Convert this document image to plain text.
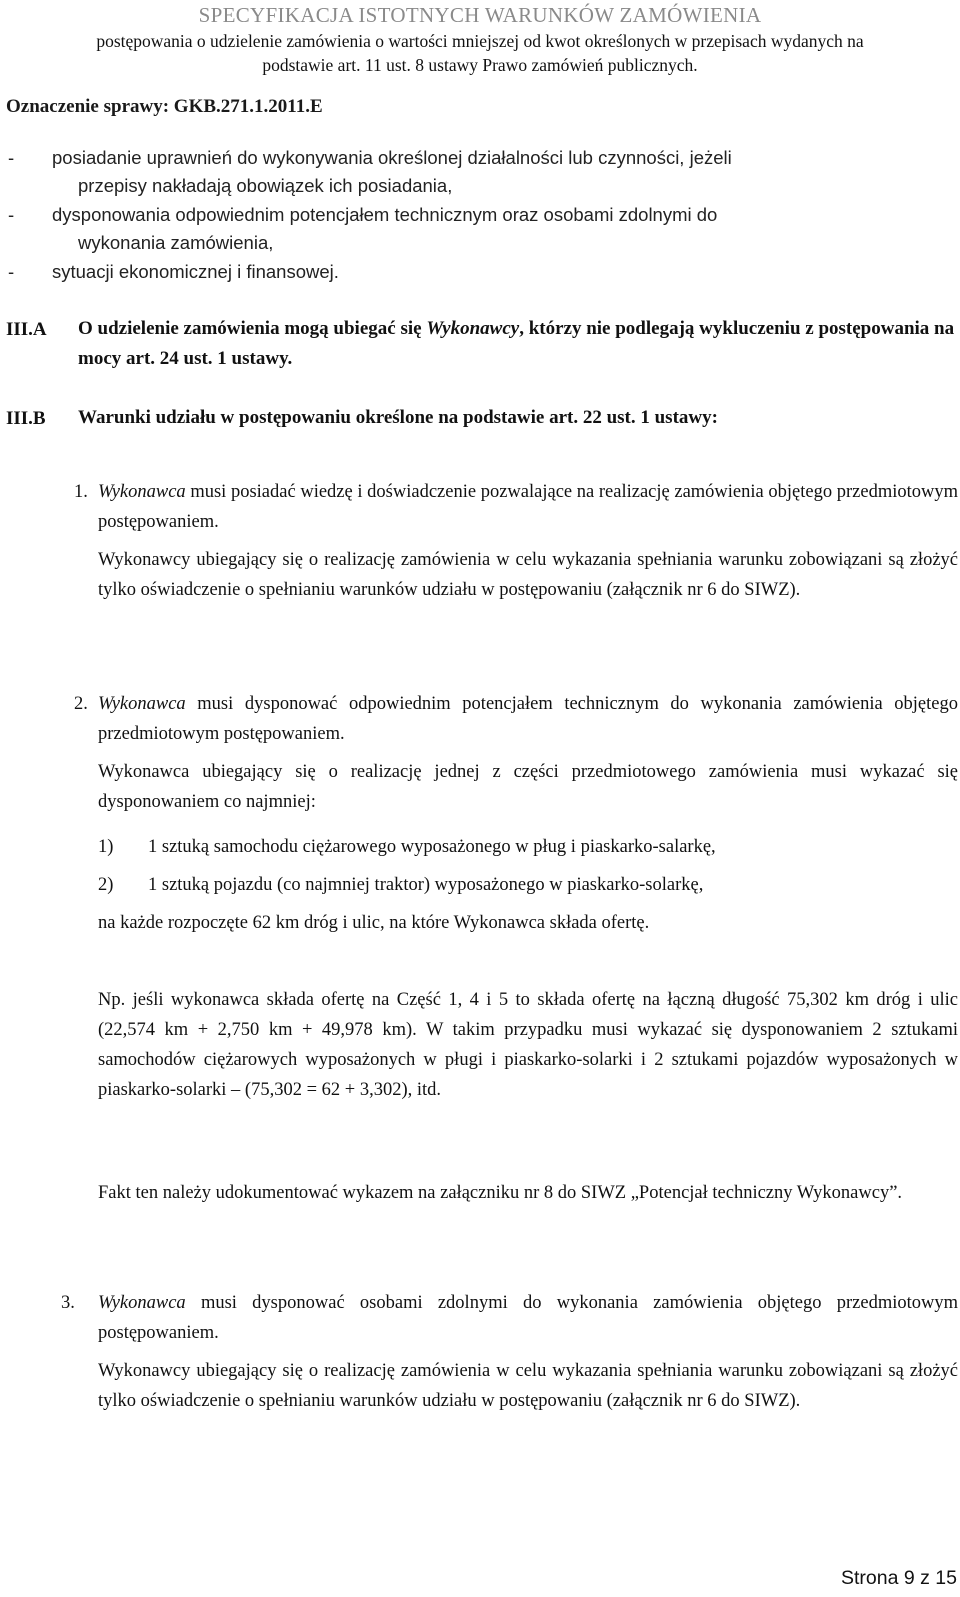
SPECYFIKACJA ISTOTNYCH WARUNKÓW ZAMÓWIENIA
postępowania o udzielenie zamówienia o wartości mniejszej od kwot określonych w przepisach wydanych na
podstawie art. 11 ust. 8 ustawy Prawo zamówień publicznych.
Oznaczenie sprawy: GKB.271.1.2011.E
- posiadanie uprawnień do wykonywania określonej działalności lub czynności, jeżeli
przepisy nakładają obowiązek ich posiadania,
- dysponowania odpowiednim potencjałem technicznym oraz osobami zdolnymi do
wykonania zamówienia,
- sytuacji ekonomicznej i finansowej.
III.A O udzielenie zamówienia mogą ubiegać się Wykonawcy, którzy nie podlegają wykluczeniu z postępowania na mocy art. 24 ust. 1 ustawy.
III.B Warunki udziału w postępowaniu określone na podstawie art. 22 ust. 1 ustawy:
1. Wykonawca musi posiadać wiedzę i doświadczenie pozwalające na realizację zamówienia objętego przedmiotowym postępowaniem.
Wykonawcy ubiegający się o realizację zamówienia w celu wykazania spełniania warunku zobowiązani są złożyć tylko oświadczenie o spełnianiu warunków udziału w postępowaniu (załącznik nr 6 do SIWZ).
2. Wykonawca musi dysponować odpowiednim potencjałem technicznym do wykonania zamówienia objętego przedmiotowym postępowaniem.
Wykonawca ubiegający się o realizację jednej z części przedmiotowego zamówienia musi wykazać się dysponowaniem co najmniej:
1) 1 sztuką samochodu ciężarowego wyposażonego w pług i piaskarko-salarkę,
2) 1 sztuką pojazdu (co najmniej traktor) wyposażonego w piaskarko-solarkę,
na każde rozpoczęte 62 km dróg i ulic, na które Wykonawca składa ofertę.
Np. jeśli wykonawca składa ofertę na Część 1, 4 i 5 to składa ofertę na łączną długość 75,302 km dróg i ulic (22,574 km + 2,750 km + 49,978 km). W takim przypadku musi wykazać się dysponowaniem 2 sztukami samochodów ciężarowych wyposażonych w pługi i piaskarko-solarki i 2 sztukami pojazdów wyposażonych w piaskarko-solarki – (75,302 = 62 + 3,302), itd.
Fakt ten należy udokumentować wykazem na załączniku nr 8 do SIWZ „Potencjał techniczny Wykonawcy”.
3. Wykonawca musi dysponować osobami zdolnymi do wykonania zamówienia objętego przedmiotowym postępowaniem.
Wykonawcy ubiegający się o realizację zamówienia w celu wykazania spełniania warunku zobowiązani są złożyć tylko oświadczenie o spełnianiu warunków udziału w postępowaniu (załącznik nr 6 do SIWZ).
Strona 9 z 15
